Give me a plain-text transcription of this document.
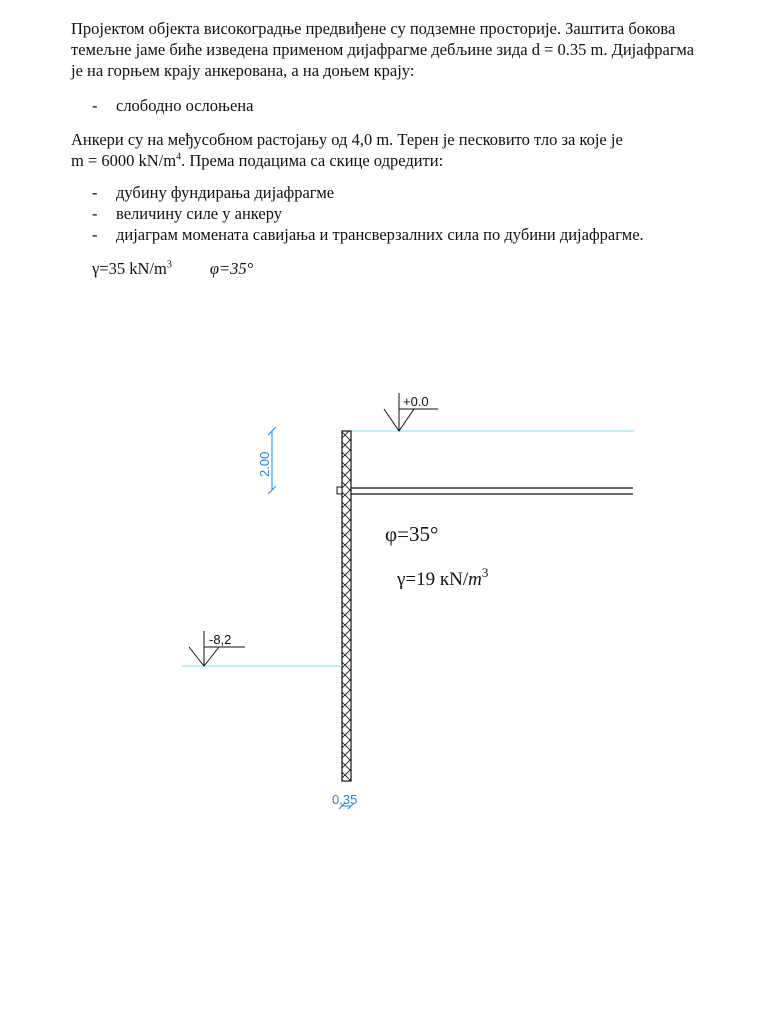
Пројектом објекта високоградње предвиђене су подземне просторије. Заштита бокова
темељне јаме биће изведена применом дијафрагме дебљине зида d = 0.35 m. Дијафрагма
је на горњем крају анкерована, а на доњем крају:
- слободно ослоњена
Анкери су на међусобном растојању од 4,0 m. Терен је песковито тло за које је
m = 6000 $kN/m^4$. Према подацима са скице одредити:
- дубину фундирања дијафрагме
- величину силе у анкеру
- дијаграм момената савијања и трансверзалних сила по дубини дијафрагме.
γ=35 $kN/m^3$ φ=35°
+0.0
2.00
φ=35°
γ=19 $кN/m^3$
-8,2
0,35
